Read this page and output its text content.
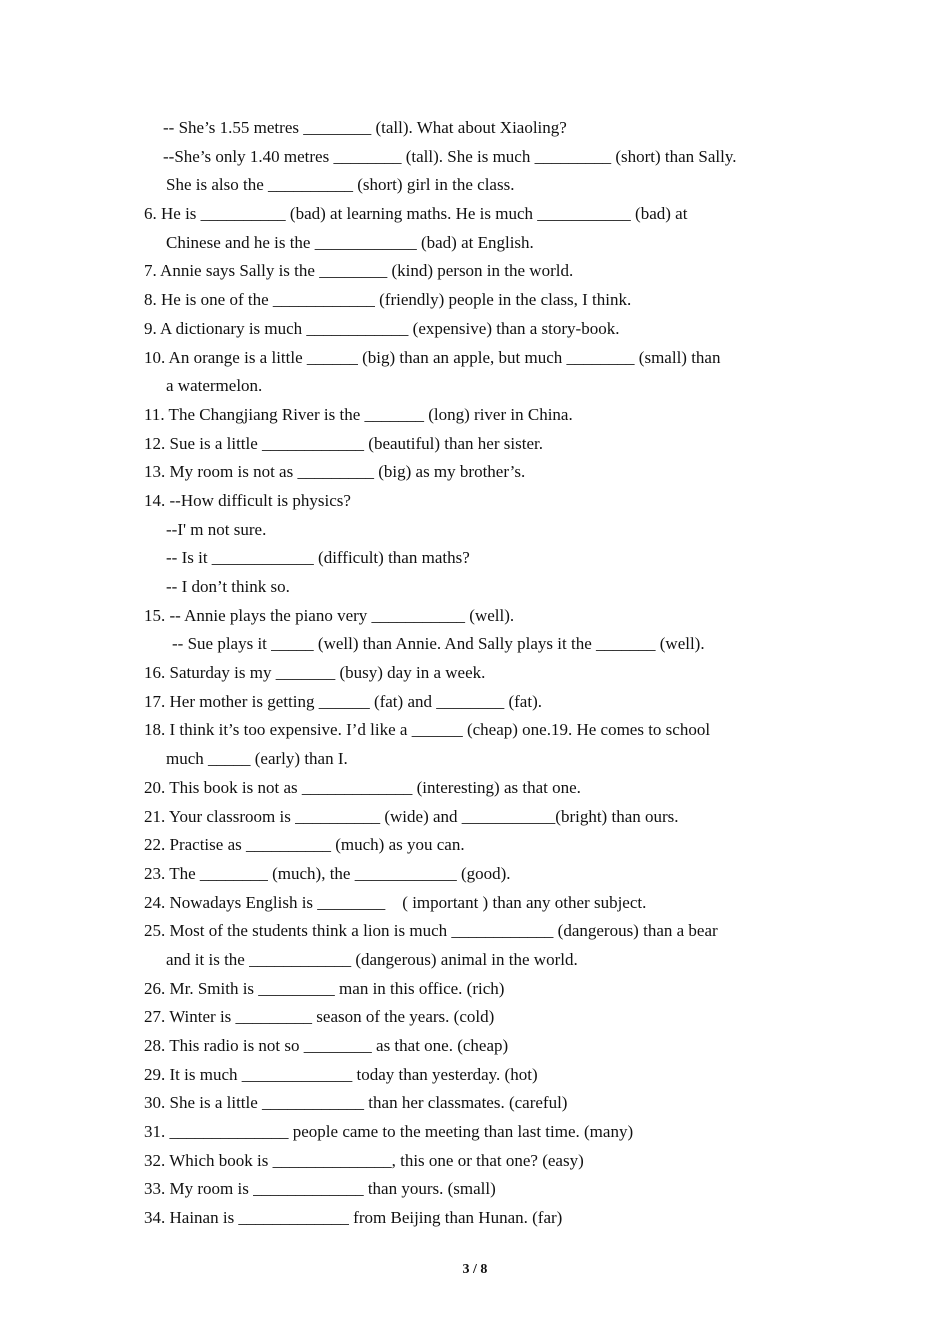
-- She’s 1.55 metres ________ (tall). What about Xiaoling?
--She’s only 1.40 metres ________ (tall). She is much _________ (short) than Sally.
She is also the __________ (short) girl in the class.
6. He is __________ (bad) at learning maths. He is much ___________ (bad) at
Chinese and he is the ____________ (bad) at English.
7. Annie says Sally is the ________ (kind) person in the world.
8. He is one of the ____________ (friendly) people in the class, I think.
9. A dictionary is much ____________ (expensive) than a story-book.
10. An orange is a little ______ (big) than an apple, but much ________ (small) than
a watermelon.
11. The Changjiang River is the _______ (long) river in China.
12. Sue is a little ____________ (beautiful) than her sister.
13. My room is not as _________ (big) as my brother’s.
14. --How difficult is physics?
--I' m not sure.
-- Is it ____________ (difficult) than maths?
-- I don’t think so.
15. -- Annie plays the piano very ___________ (well).
-- Sue plays it _____ (well) than Annie. And Sally plays it the _______ (well).
16. Saturday is my _______ (busy) day in a week.
17. Her mother is getting ______ (fat) and ________ (fat).
18. I think it’s too expensive. I’d like a ______ (cheap) one.19. He comes to school
much _____ (early) than I.
20. This book is not as _____________ (interesting) as that one.
21. Your classroom is __________ (wide) and ___________(bright) than ours.
22. Practise as __________ (much) as you can.
23. The ________ (much), the ____________ (good).
24. Nowadays English is ________    ( important ) than any other subject.
25. Most of the students think a lion is much ____________ (dangerous) than a bear
and it is the ____________ (dangerous) animal in the world.
26. Mr. Smith is _________ man in this office. (rich)
27. Winter is _________ season of the years. (cold)
28. This radio is not so ________ as that one. (cheap)
29. It is much _____________ today than yesterday. (hot)
30. She is a little ____________ than her classmates. (careful)
31. ______________ people came to the meeting than last time. (many)
32. Which book is ______________, this one or that one? (easy)
33. My room is _____________ than yours. (small)
34. Hainan is _____________ from Beijing than Hunan. (far)
3 / 8
